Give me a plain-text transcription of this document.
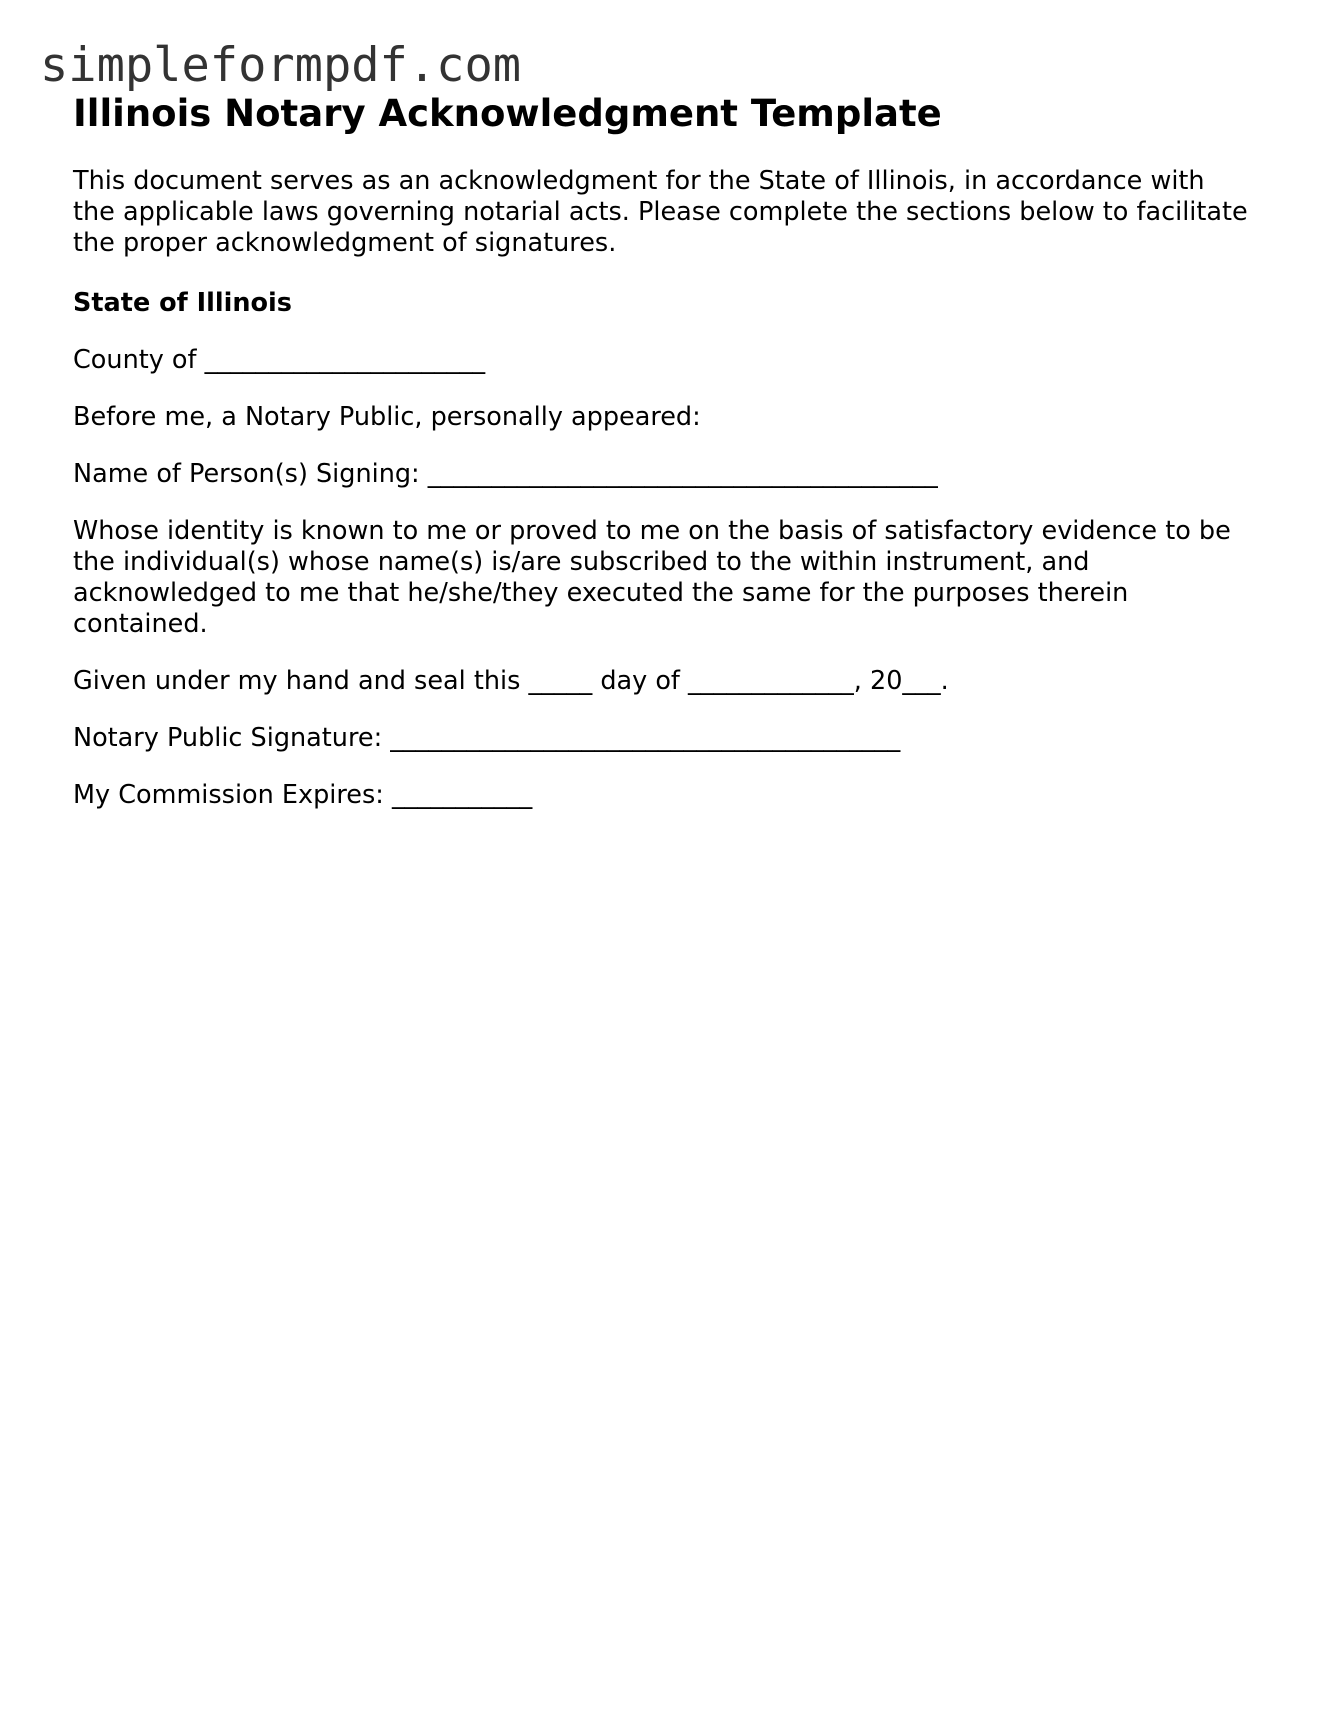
simpleformpdf.com
Illinois Notary Acknowledgment Template

This document serves as an acknowledgment for the State of Illinois, in accordance with the applicable laws governing notarial acts. Please complete the sections below to facilitate the proper acknowledgment of signatures.

State of Illinois

County of ______________________

Before me, a Notary Public, personally appeared:

Name of Person(s) Signing: ________________________________________

Whose identity is known to me or proved to me on the basis of satisfactory evidence to be the individual(s) whose name(s) is/are subscribed to the within instrument, and acknowledged to me that he/she/they executed the same for the purposes therein contained.

Given under my hand and seal this _____ day of _____________, 20___.

Notary Public Signature: ________________________________________

My Commission Expires: ___________
